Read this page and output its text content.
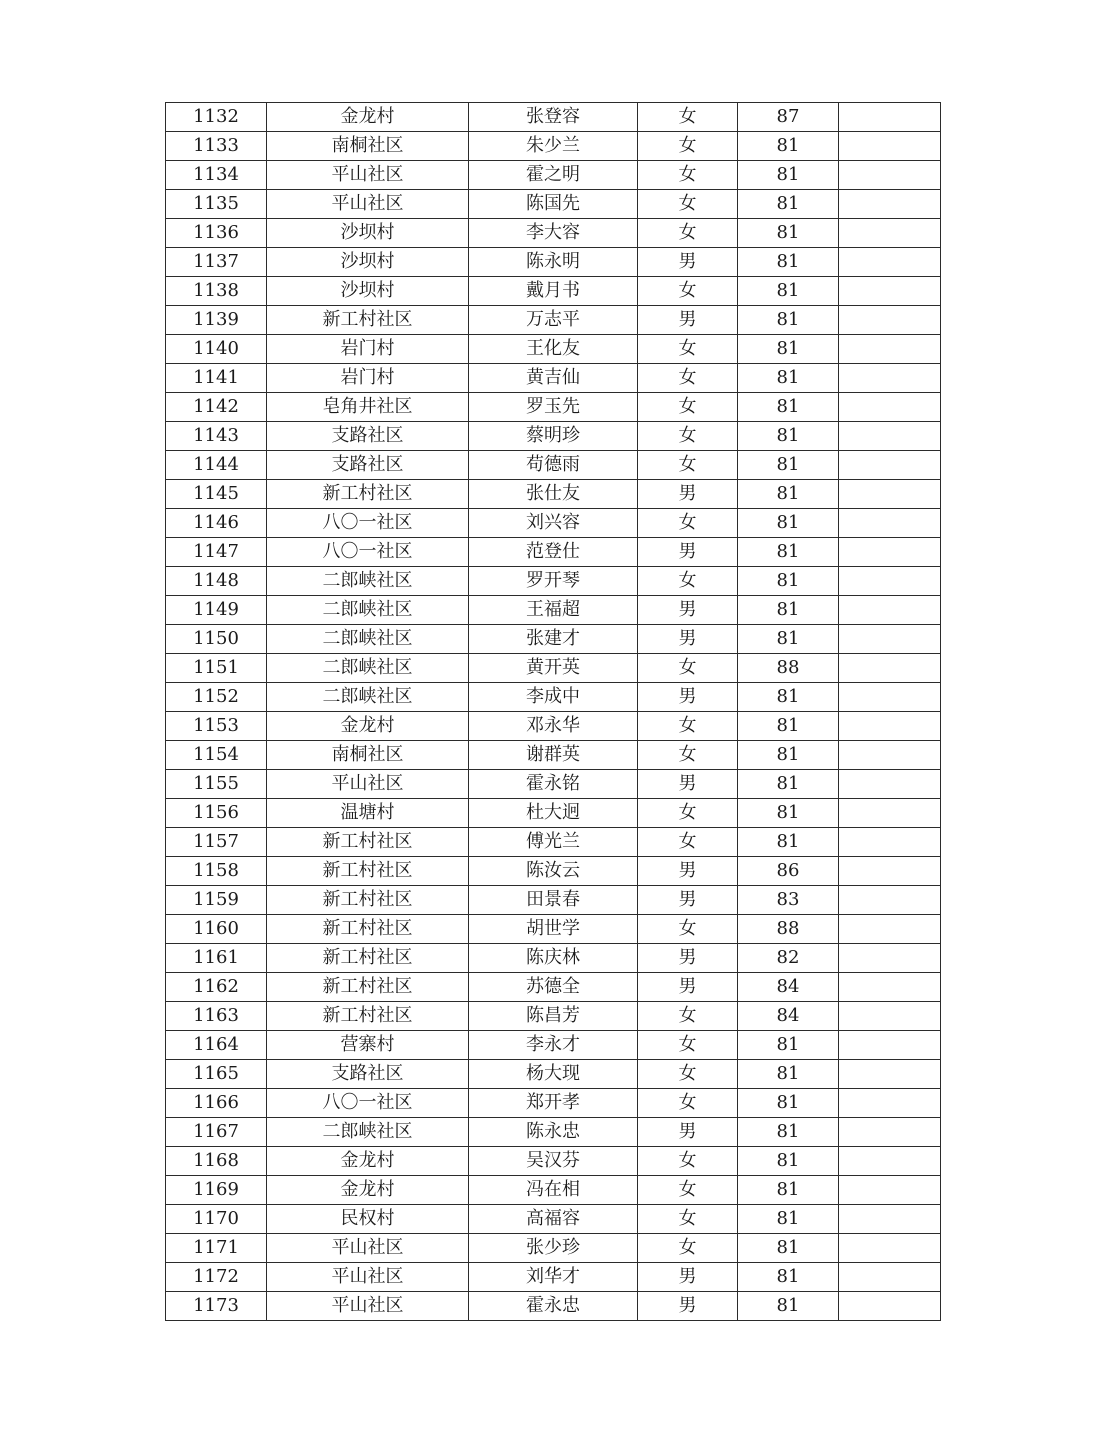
1132	金龙村	张登容	女	87	
1133	南桐社区	朱少兰	女	81	
1134	平山社区	霍之明	女	81	
1135	平山社区	陈国先	女	81	
1136	沙坝村	李大容	女	81	
1137	沙坝村	陈永明	男	81	
1138	沙坝村	戴月书	女	81	
1139	新工村社区	万志平	男	81	
1140	岩门村	王化友	女	81	
1141	岩门村	黄吉仙	女	81	
1142	皂角井社区	罗玉先	女	81	
1143	支路社区	蔡明珍	女	81	
1144	支路社区	苟德雨	女	81	
1145	新工村社区	张仕友	男	81	
1146	八〇一社区	刘兴容	女	81	
1147	八〇一社区	范登仕	男	81	
1148	二郎峡社区	罗开琴	女	81	
1149	二郎峡社区	王福超	男	81	
1150	二郎峡社区	张建才	男	81	
1151	二郎峡社区	黄开英	女	88	
1152	二郎峡社区	李成中	男	81	
1153	金龙村	邓永华	女	81	
1154	南桐社区	谢群英	女	81	
1155	平山社区	霍永铭	男	81	
1156	温塘村	杜大迥	女	81	
1157	新工村社区	傅光兰	女	81	
1158	新工村社区	陈汝云	男	86	
1159	新工村社区	田景春	男	83	
1160	新工村社区	胡世学	女	88	
1161	新工村社区	陈庆林	男	82	
1162	新工村社区	苏德全	男	84	
1163	新工村社区	陈昌芳	女	84	
1164	营寨村	李永才	女	81	
1165	支路社区	杨大现	女	81	
1166	八〇一社区	郑开孝	女	81	
1167	二郎峡社区	陈永忠	男	81	
1168	金龙村	吴汉芬	女	81	
1169	金龙村	冯在相	女	81	
1170	民权村	高福容	女	81	
1171	平山社区	张少珍	女	81	
1172	平山社区	刘华才	男	81	
1173	平山社区	霍永忠	男	81	
